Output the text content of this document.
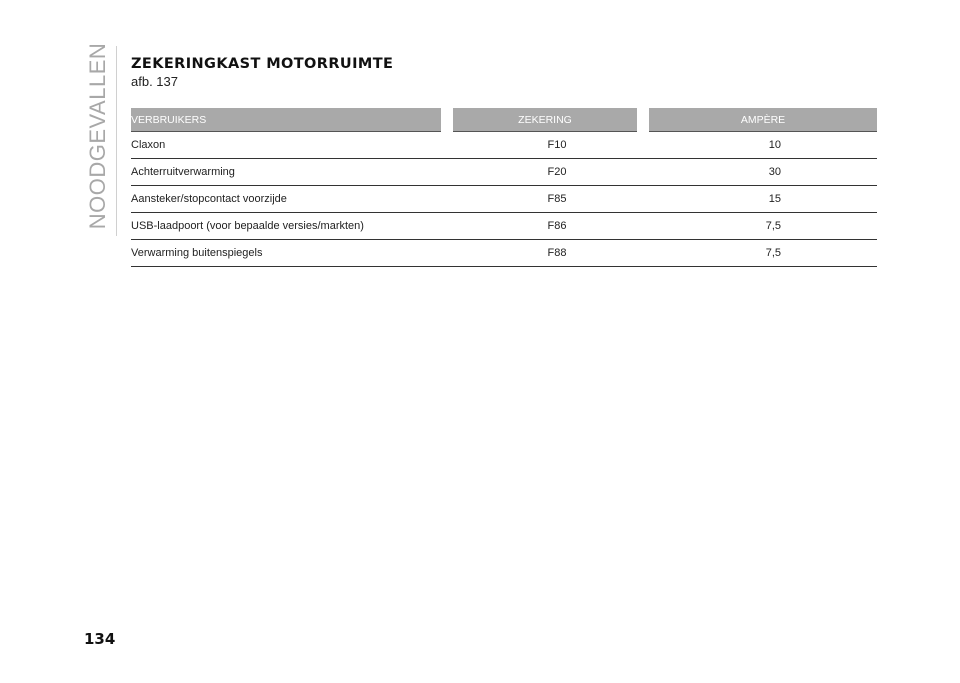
NOODGEVALLEN ZEKERINGKAST MOTORRUIMTE
afb. 137
VERBRUIKERS	ZEKERING	AMPÈRE
Claxon	F10	10
Achterruitverwarming	F20	30
Aansteker/stopcontact voorzijde	F85	15
USB-laadpoort (voor bepaalde versies/markten)	F86	7,5
Verwarming buitenspiegels	F88	7,5
134
